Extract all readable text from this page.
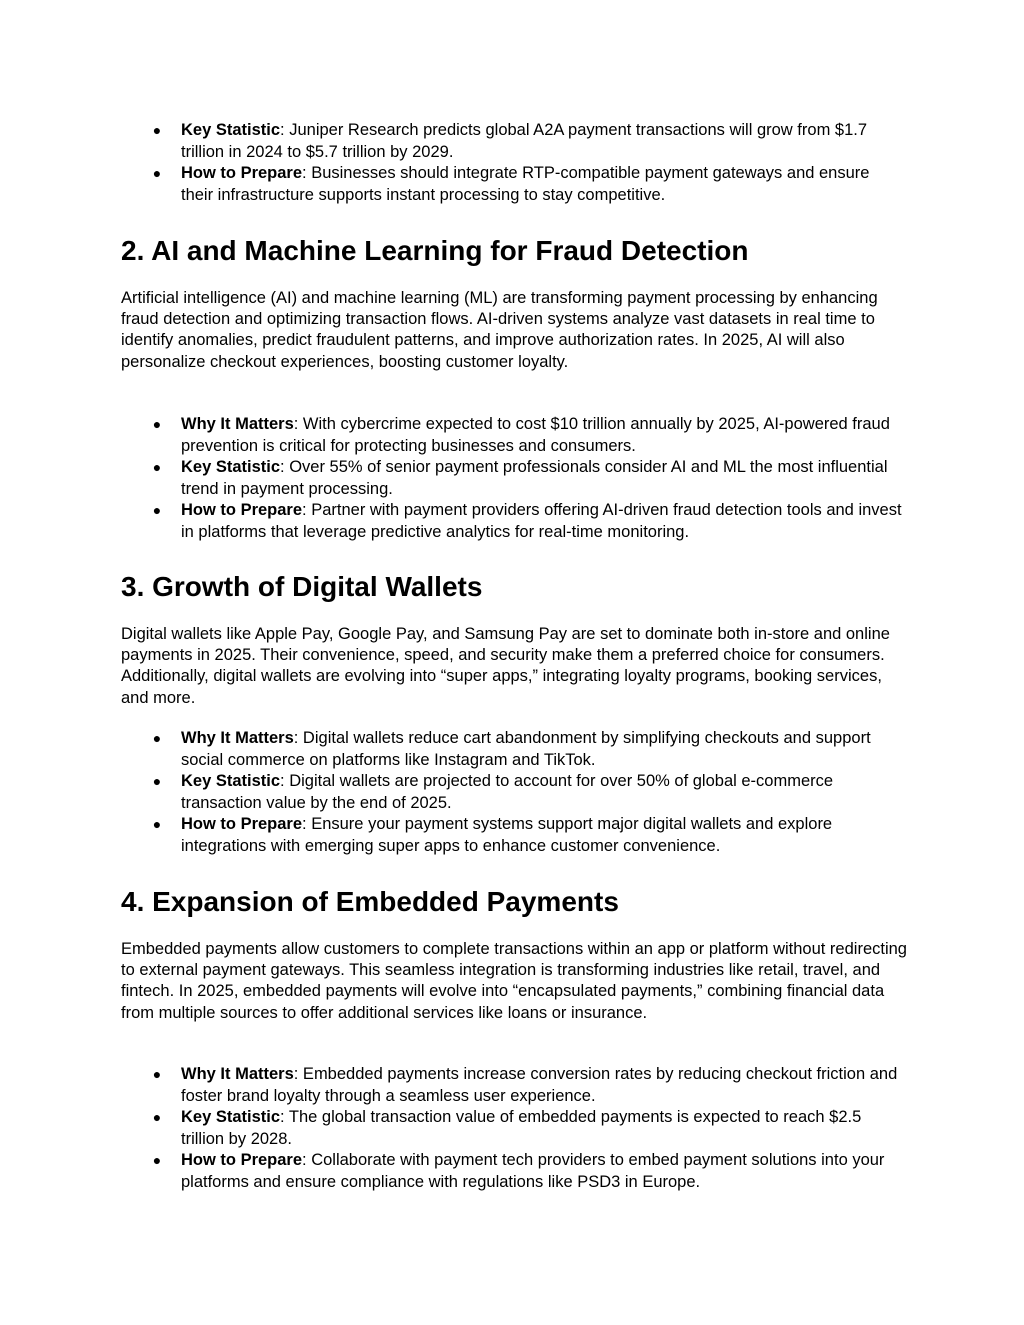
● Key Statistic: Juniper Research predicts global A2A payment transactions will grow from $1.7 trillion in 2024 to $5.7 trillion by 2029.
● How to Prepare: Businesses should integrate RTP-compatible payment gateways and ensure their infrastructure supports instant processing to stay competitive.
2. AI and Machine Learning for Fraud Detection

Artificial intelligence (AI) and machine learning (ML) are transforming payment processing by enhancing fraud detection and optimizing transaction flows. AI-driven systems analyze vast datasets in real time to identify anomalies, predict fraudulent patterns, and improve authorization rates. In 2025, AI will also personalize checkout experiences, boosting customer loyalty.

● Why It Matters: With cybercrime expected to cost $10 trillion annually by 2025, AI-powered fraud prevention is critical for protecting businesses and consumers.
● Key Statistic: Over 55% of senior payment professionals consider AI and ML the most influential trend in payment processing.
● How to Prepare: Partner with payment providers offering AI-driven fraud detection tools and invest in platforms that leverage predictive analytics for real-time monitoring.
3. Growth of Digital Wallets

Digital wallets like Apple Pay, Google Pay, and Samsung Pay are set to dominate both in-store and online payments in 2025. Their convenience, speed, and security make them a preferred choice for consumers. Additionally, digital wallets are evolving into “super apps,” integrating loyalty programs, booking services, and more.

● Why It Matters: Digital wallets reduce cart abandonment by simplifying checkouts and support social commerce on platforms like Instagram and TikTok.
● Key Statistic: Digital wallets are projected to account for over 50% of global e-commerce transaction value by the end of 2025.
● How to Prepare: Ensure your payment systems support major digital wallets and explore integrations with emerging super apps to enhance customer convenience.
4. Expansion of Embedded Payments

Embedded payments allow customers to complete transactions within an app or platform without redirecting to external payment gateways. This seamless integration is transforming industries like retail, travel, and fintech. In 2025, embedded payments will evolve into “encapsulated payments,” combining financial data from multiple sources to offer additional services like loans or insurance.

● Why It Matters: Embedded payments increase conversion rates by reducing checkout friction and foster brand loyalty through a seamless user experience.
● Key Statistic: The global transaction value of embedded payments is expected to reach $2.5 trillion by 2028.
● How to Prepare: Collaborate with payment tech providers to embed payment solutions into your platforms and ensure compliance with regulations like PSD3 in Europe.
